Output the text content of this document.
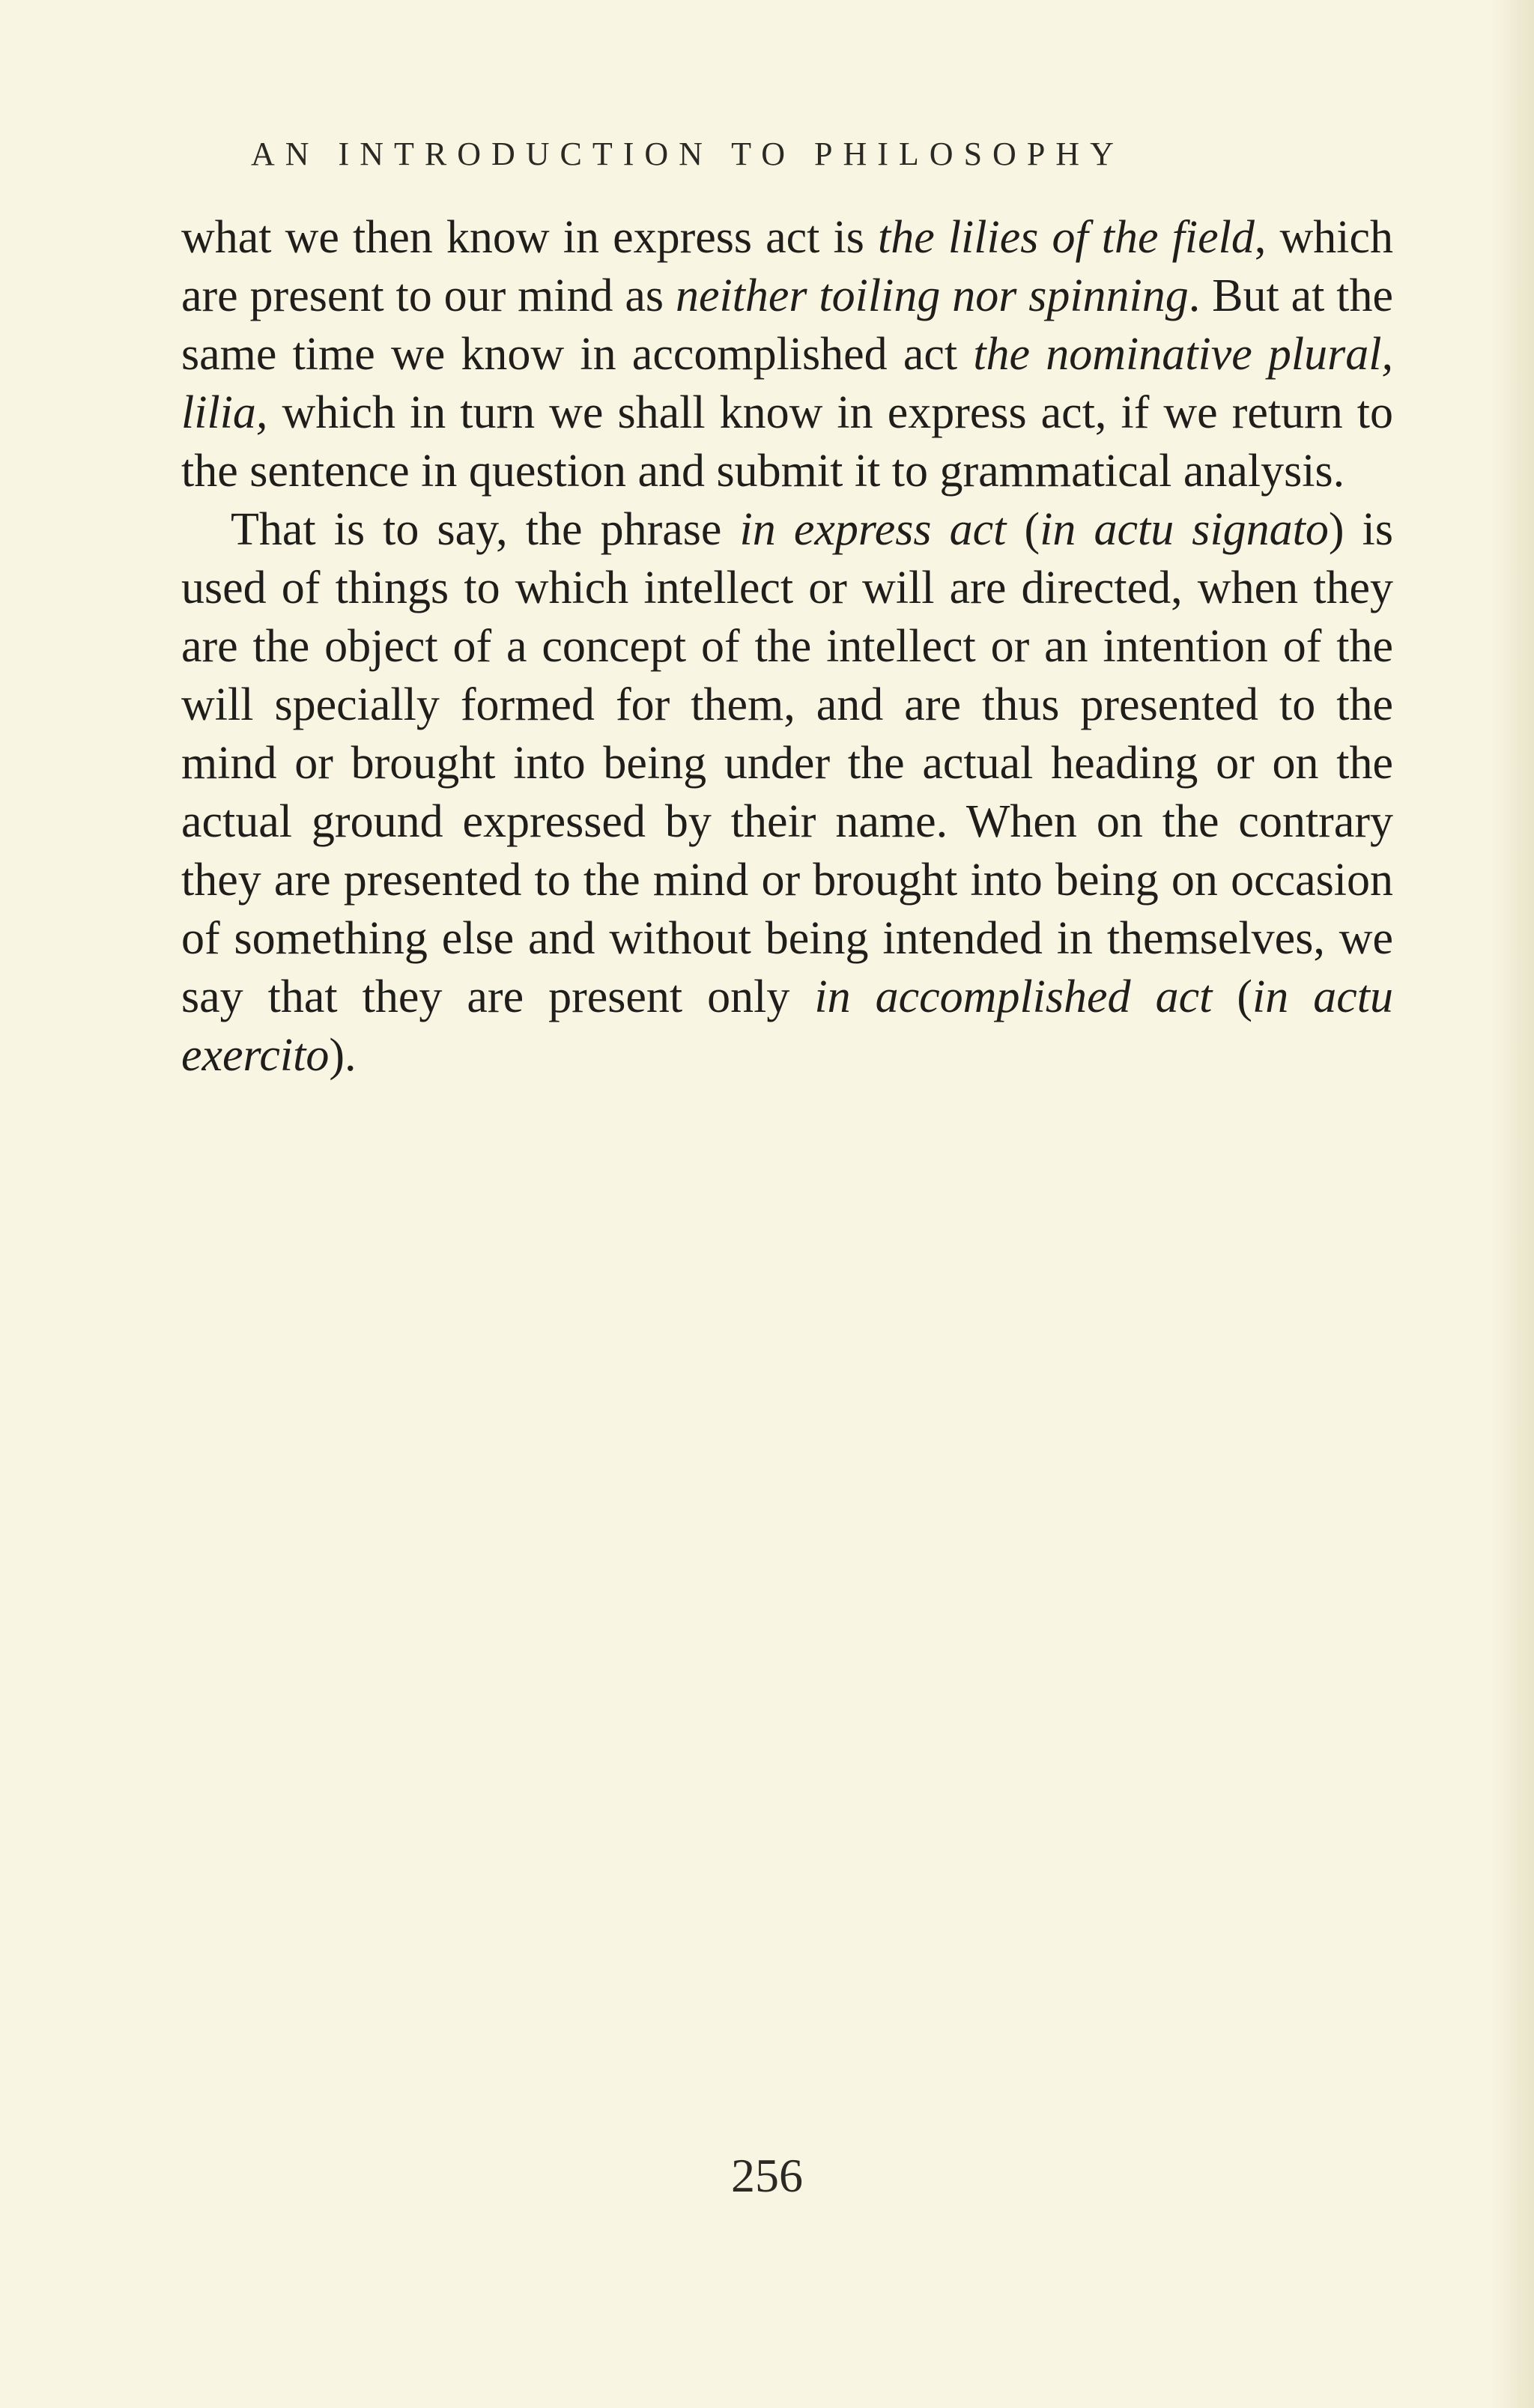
AN INTRODUCTION TO PHILOSOPHY

what we then know in express act is the lilies of the field, which are present to our mind as neither toiling nor spinning. But at the same time we know in accomplished act the nominative plural, lilia, which in turn we shall know in express act, if we return to the sentence in question and submit it to grammatical analysis.

That is to say, the phrase in express act (in actu signato) is used of things to which intellect or will are directed, when they are the object of a concept of the intellect or an intention of the will specially formed for them, and are thus presented to the mind or brought into being under the actual heading or on the actual ground expressed by their name. When on the contrary they are presented to the mind or brought into being on occasion of something else and without being intended in themselves, we say that they are present only in accomplished act (in actu exercito).

256
